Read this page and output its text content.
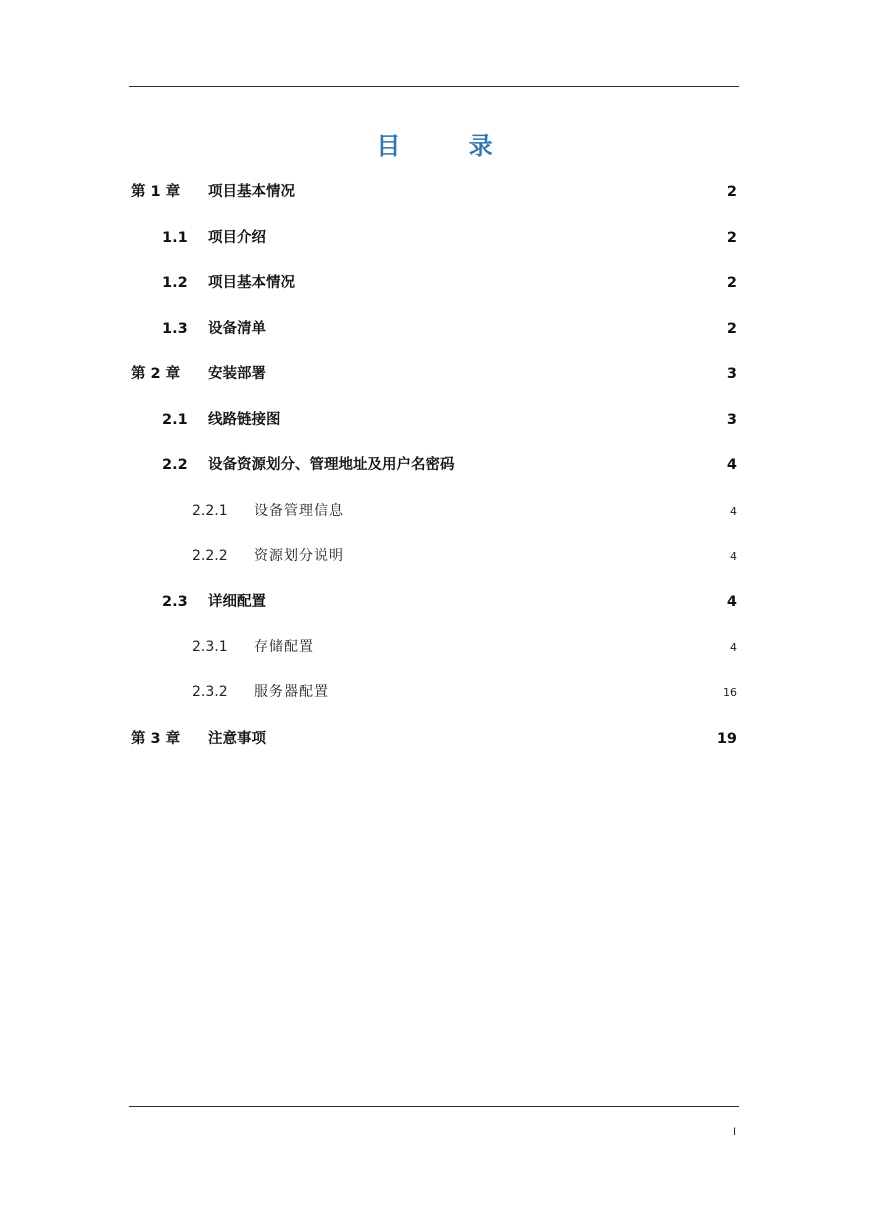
目 录
第 1 章	项目基本情况	2
1.1	项目介绍	2
1.2	项目基本情况	2
1.3	设备清单	2
第 2 章	安装部署	3
2.1	线路链接图	3
2.2	设备资源划分、管理地址及用户名密码	4
2.2.1	设备管理信息	4
2.2.2	资源划分说明	4
2.3	详细配置	4
2.3.1	存储配置	4
2.3.2	服务器配置	16
第 3 章	注意事项	19
I
